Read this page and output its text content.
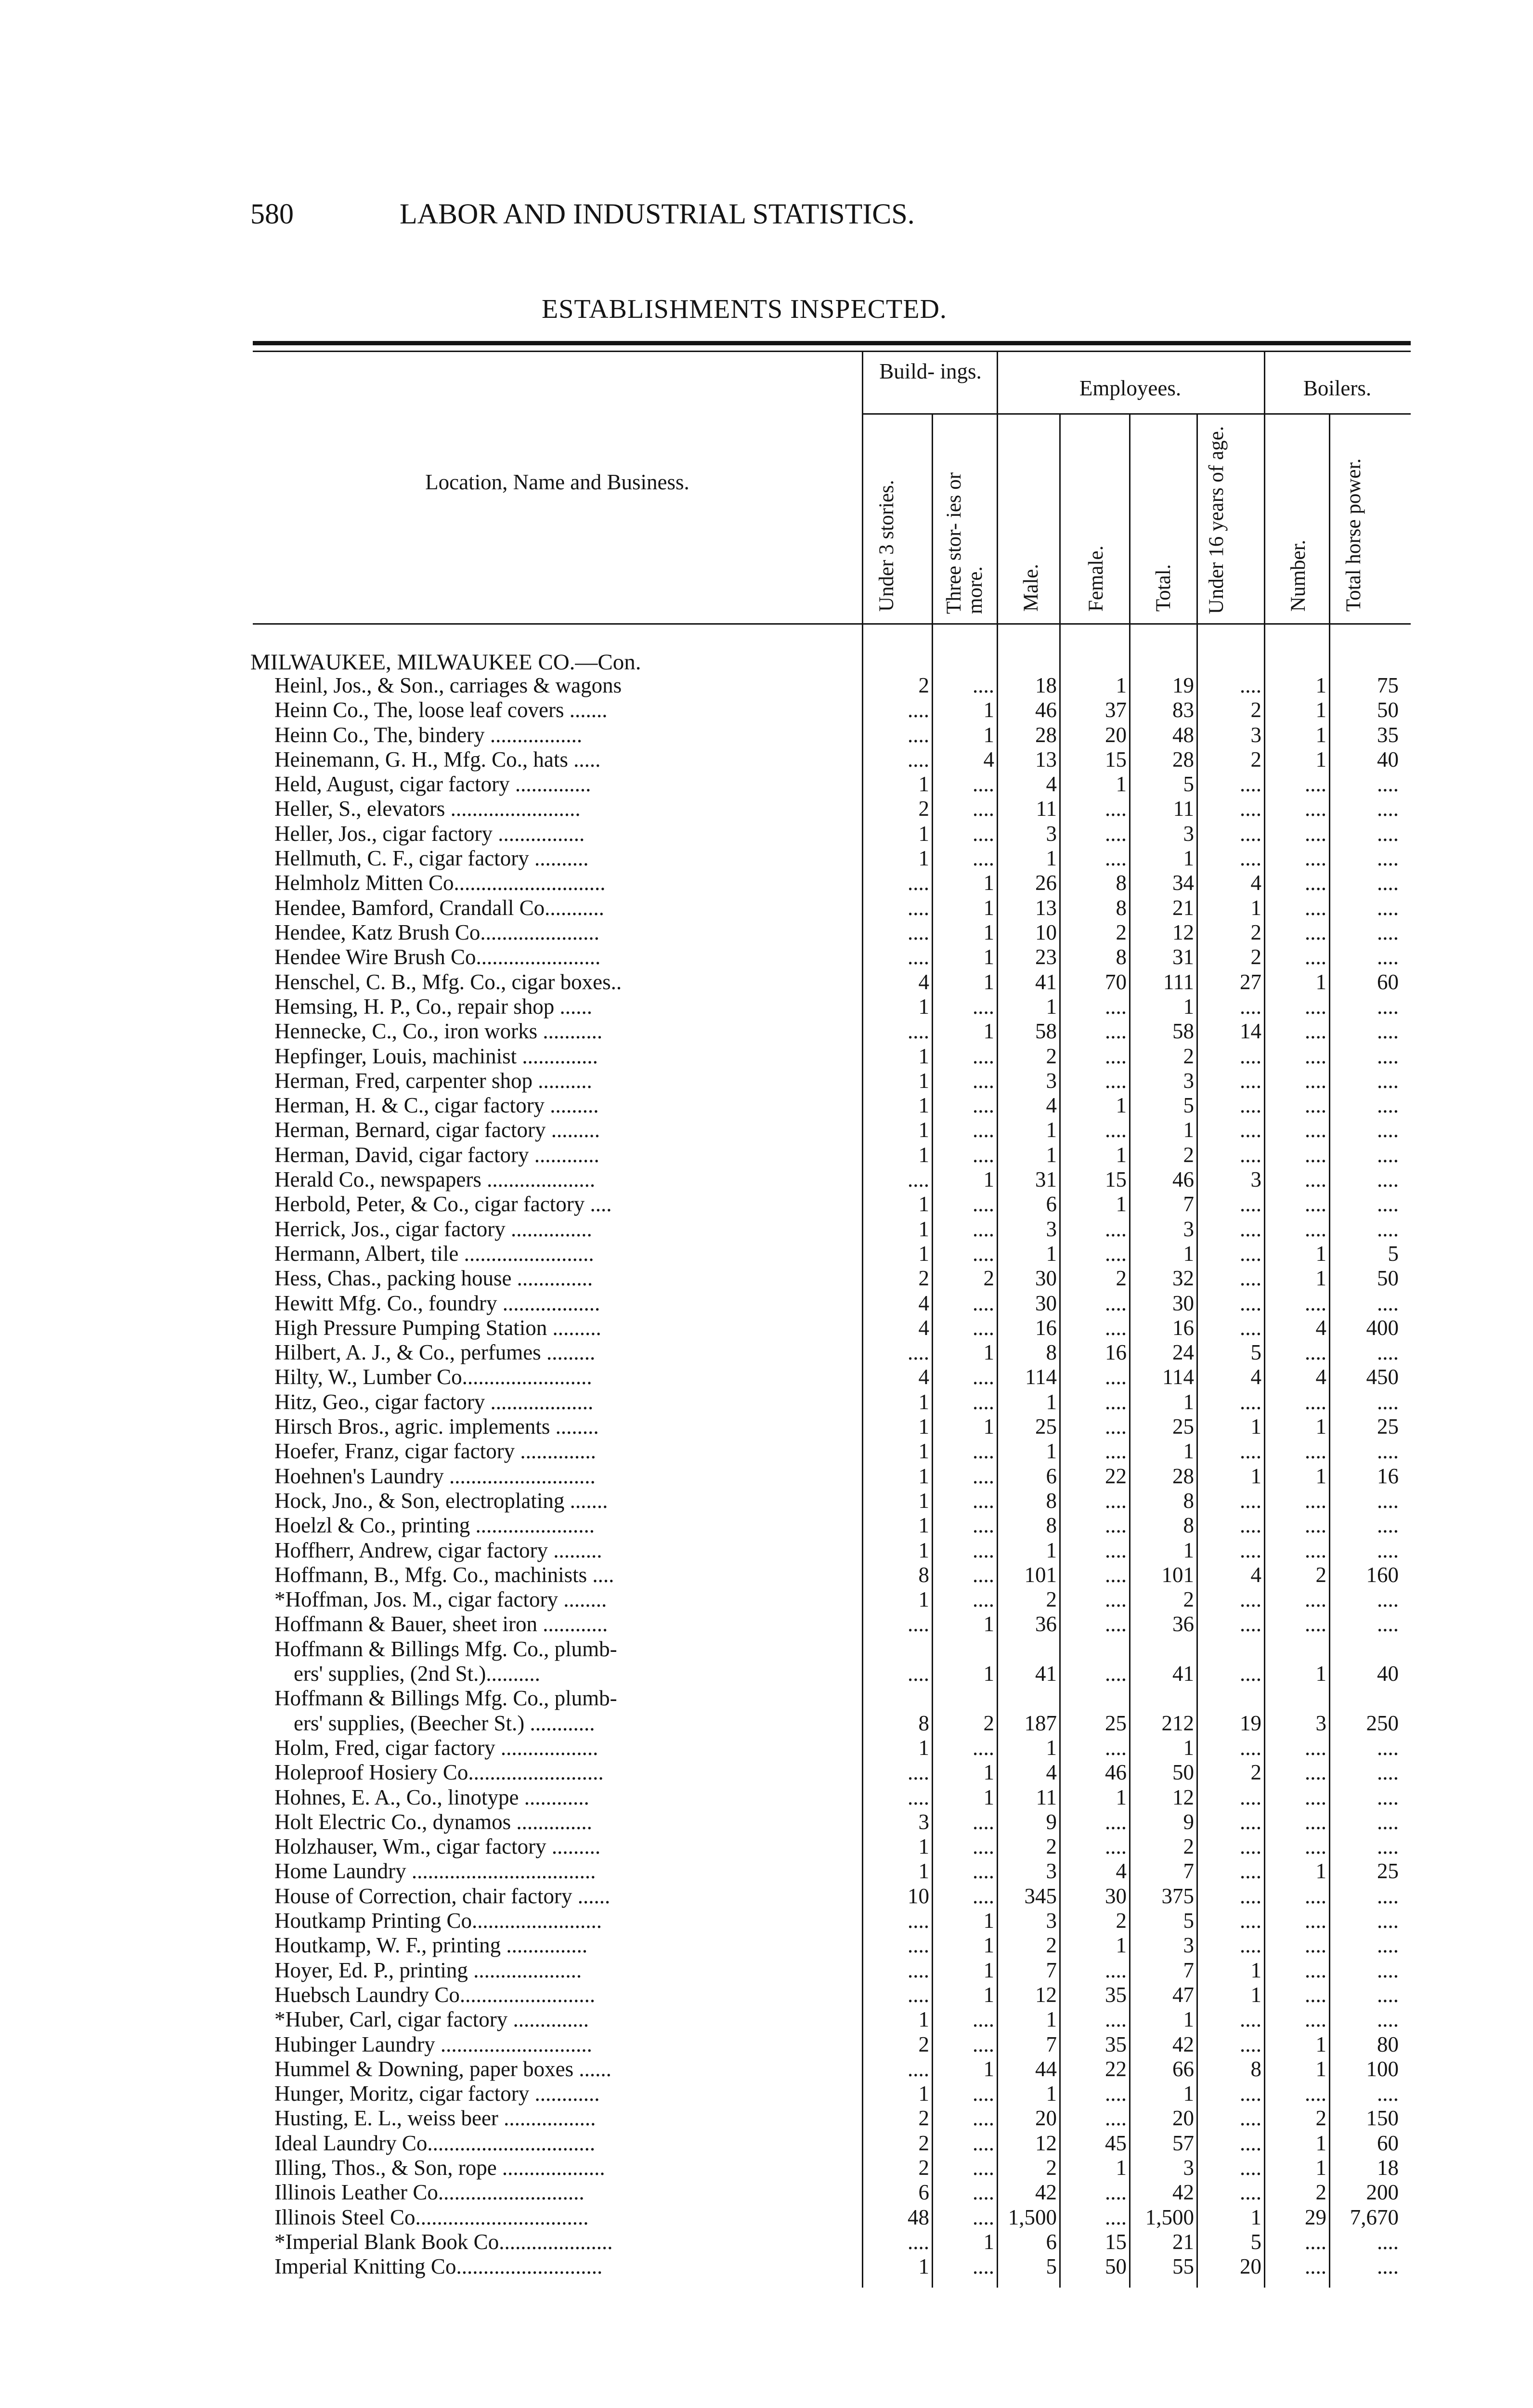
580	LABOR AND INDUSTRIAL STATISTICS.
ESTABLISHMENTS INSPECTED.
Build- ings.
Employees.	Boilers.
Location, Name and Business.	Under 3 stories. Three stor- ies or more. Male. Female. Total. Under 16 years of age.	Number. Total horse power.
MILWAUKEE, MILWAUKEE CO.—Con.
Heinl, Jos., & Son., carriages & wagons	2	....	18	1	19	....	1	75
Heinn Co., The, loose leaf covers .......	....	1	46	37	83	2	1	50
Heinn Co., The, bindery .................	....	1	28	20	48	3	1	35
Heinemann, G. H., Mfg. Co., hats .....	....	4	13	15	28	2	1	40
Held, August, cigar factory ..............	1	....	4	1	5	....	....	....
Heller, S., elevators ........................	2	....	11	....	11	....	....	....
Heller, Jos., cigar factory ................	1	....	3	....	3	....	....	....
Hellmuth, C. F., cigar factory ..........	1	....	1	....	1	....	....	....
Helmholz Mitten Co............................	....	1	26	8	34	4	....	....
Hendee, Bamford, Crandall Co...........	....	1	13	8	21	1	....	....
Hendee, Katz Brush Co......................	....	1	10	2	12	2	....	....
Hendee Wire Brush Co.......................	....	1	23	8	31	2	....	....
Henschel, C. B., Mfg. Co., cigar boxes..	4	1	41	70	111	27	1	60
Hemsing, H. P., Co., repair shop ......	1	....	1	....	1	....	....	....
Hennecke, C., Co., iron works ...........	....	1	58	....	58	14	....	....
Hepfinger, Louis, machinist ..............	1	....	2	....	2	....	....	....
Herman, Fred, carpenter shop ..........	1	....	3	....	3	....	....	....
Herman, H. & C., cigar factory .........	1	....	4	1	5	....	....	....
Herman, Bernard, cigar factory .........	1	....	1	....	1	....	....	....
Herman, David, cigar factory ............	1	....	1	1	2	....	....	....
Herald Co., newspapers ....................	....	1	31	15	46	3	....	....
Herbold, Peter, & Co., cigar factory ....	1	....	6	1	7	....	....	....
Herrick, Jos., cigar factory ...............	1	....	3	....	3	....	....	....
Hermann, Albert, tile ........................	1	....	1	....	1	....	1	5
Hess, Chas., packing house ..............	2	2	30	2	32	....	1	50
Hewitt Mfg. Co., foundry ..................	4	....	30	....	30	....	....	....
High Pressure Pumping Station .........	4	....	16	....	16	....	4	400
Hilbert, A. J., & Co., perfumes .........	....	1	8	16	24	5	....	....
Hilty, W., Lumber Co........................	4	....	114	....	114	4	4	450
Hitz, Geo., cigar factory ...................	1	....	1	....	1	....	....	....
Hirsch Bros., agric. implements ........	1	1	25	....	25	1	1	25
Hoefer, Franz, cigar factory ..............	1	....	1	....	1	....	....	....
Hoehnen's Laundry ...........................	1	....	6	22	28	1	1	16
Hock, Jno., & Son, electroplating .......	1	....	8	....	8	....	....	....
Hoelzl & Co., printing ......................	1	....	8	....	8	....	....	....
Hoffherr, Andrew, cigar factory .........	1	....	1	....	1	....	....	....
Hoffmann, B., Mfg. Co., machinists ....	8	....	101	....	101	4	2	160
*Hoffman, Jos. M., cigar factory ........	1	....	2	....	2	....	....	....
Hoffmann & Bauer, sheet iron ............	....	1	36	....	36	....	....	....
Hoffmann & Billings Mfg. Co., plumb-
ers' supplies, (2nd St.)..........	....	1	41	....	41	....	1	40
Hoffmann & Billings Mfg. Co., plumb-
ers' supplies, (Beecher St.) ............	8	2	187	25	212	19	3	250
Holm, Fred, cigar factory ..................	1	....	1	....	1	....	....	....
Holeproof Hosiery Co.........................	....	1	4	46	50	2	....	....
Hohnes, E. A., Co., linotype ............	....	1	11	1	12	....	....	....
Holt Electric Co., dynamos ..............	3	....	9	....	9	....	....	....
Holzhauser, Wm., cigar factory .........	1	....	2	....	2	....	....	....
Home Laundry ..................................	1	....	3	4	7	....	1	25
House of Correction, chair factory ......	10	....	345	30	375	....	....	....
Houtkamp Printing Co........................	....	1	3	2	5	....	....	....
Houtkamp, W. F., printing ...............	....	1	2	1	3	....	....	....
Hoyer, Ed. P., printing ....................	....	1	7	....	7	1	....	....
Huebsch Laundry Co.........................	....	1	12	35	47	1	....	....
*Huber, Carl, cigar factory ..............	1	....	1	....	1	....	....	....
Hubinger Laundry ............................	2	....	7	35	42	....	1	80
Hummel & Downing, paper boxes ......	....	1	44	22	66	8	1	100
Hunger, Moritz, cigar factory ............	1	....	1	....	1	....	....	....
Husting, E. L., weiss beer .................	2	....	20	....	20	....	2	150
Ideal Laundry Co...............................	2	....	12	45	57	....	1	60
Illing, Thos., & Son, rope ...................	2	....	2	1	3	....	1	18
Illinois Leather Co...........................	6	....	42	....	42	....	2	200
Illinois Steel Co................................	48	.... 1,500	.... 1,500	1	29	7,670
*Imperial Blank Book Co.....................	....	1	6	15	21	5	....	....
Imperial Knitting Co...........................	1	....	5	50	55	20	....	....
